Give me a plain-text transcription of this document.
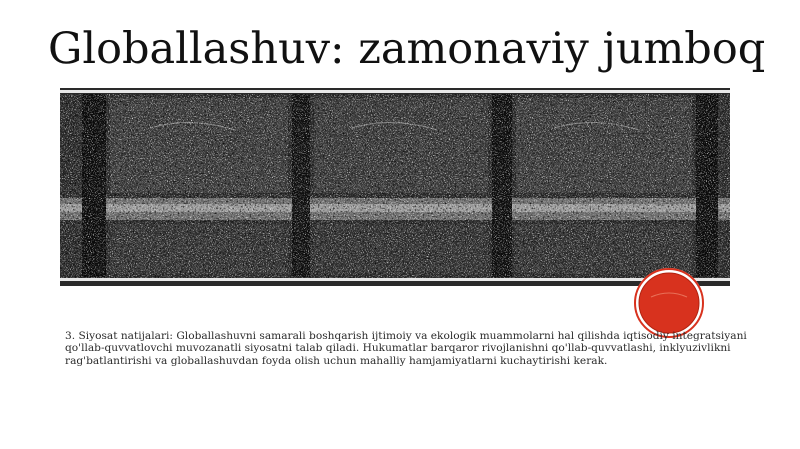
Globallashuv: zamonaviy jumboq

3. Siyosat natijalari: Globallashuvni samarali boshqarish ijtimoiy va ekologik muammolarni hal qilishda iqtisodiy integratsiyani qo'llab-quvvatlovchi muvozanatli siyosatni talab qiladi. Hukumatlar barqaror rivojlanishni qo'llab-quvvatlashi, inklyuzivlikni rag'batlantirishi va globallashuvdan foyda olish uchun mahalliy hamjamiyatlarni kuchaytirishi kerak.
